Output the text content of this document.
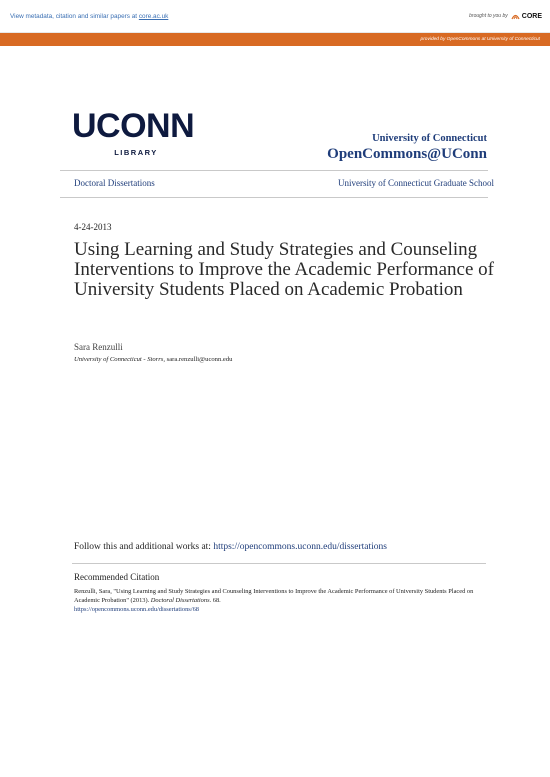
View metadata, citation and similar papers at core.ac.uk	brought to you by CORE
provided by OpenCommons at University of Connecticut
UCONN
LIBRARY
University of Connecticut
OpenCommons@UConn
Doctoral Dissertations	University of Connecticut Graduate School
4-24-2013
Using Learning and Study Strategies and Counseling Interventions to Improve the Academic Performance of University Students Placed on Academic Probation
Sara Renzulli
University of Connecticut - Storrs, sara.renzulli@uconn.edu
Follow this and additional works at: https://opencommons.uconn.edu/dissertations
Recommended Citation
Renzulli, Sara, "Using Learning and Study Strategies and Counseling Interventions to Improve the Academic Performance of University Students Placed on Academic Probation" (2013). Doctoral Dissertations. 68.
https://opencommons.uconn.edu/dissertations/68
